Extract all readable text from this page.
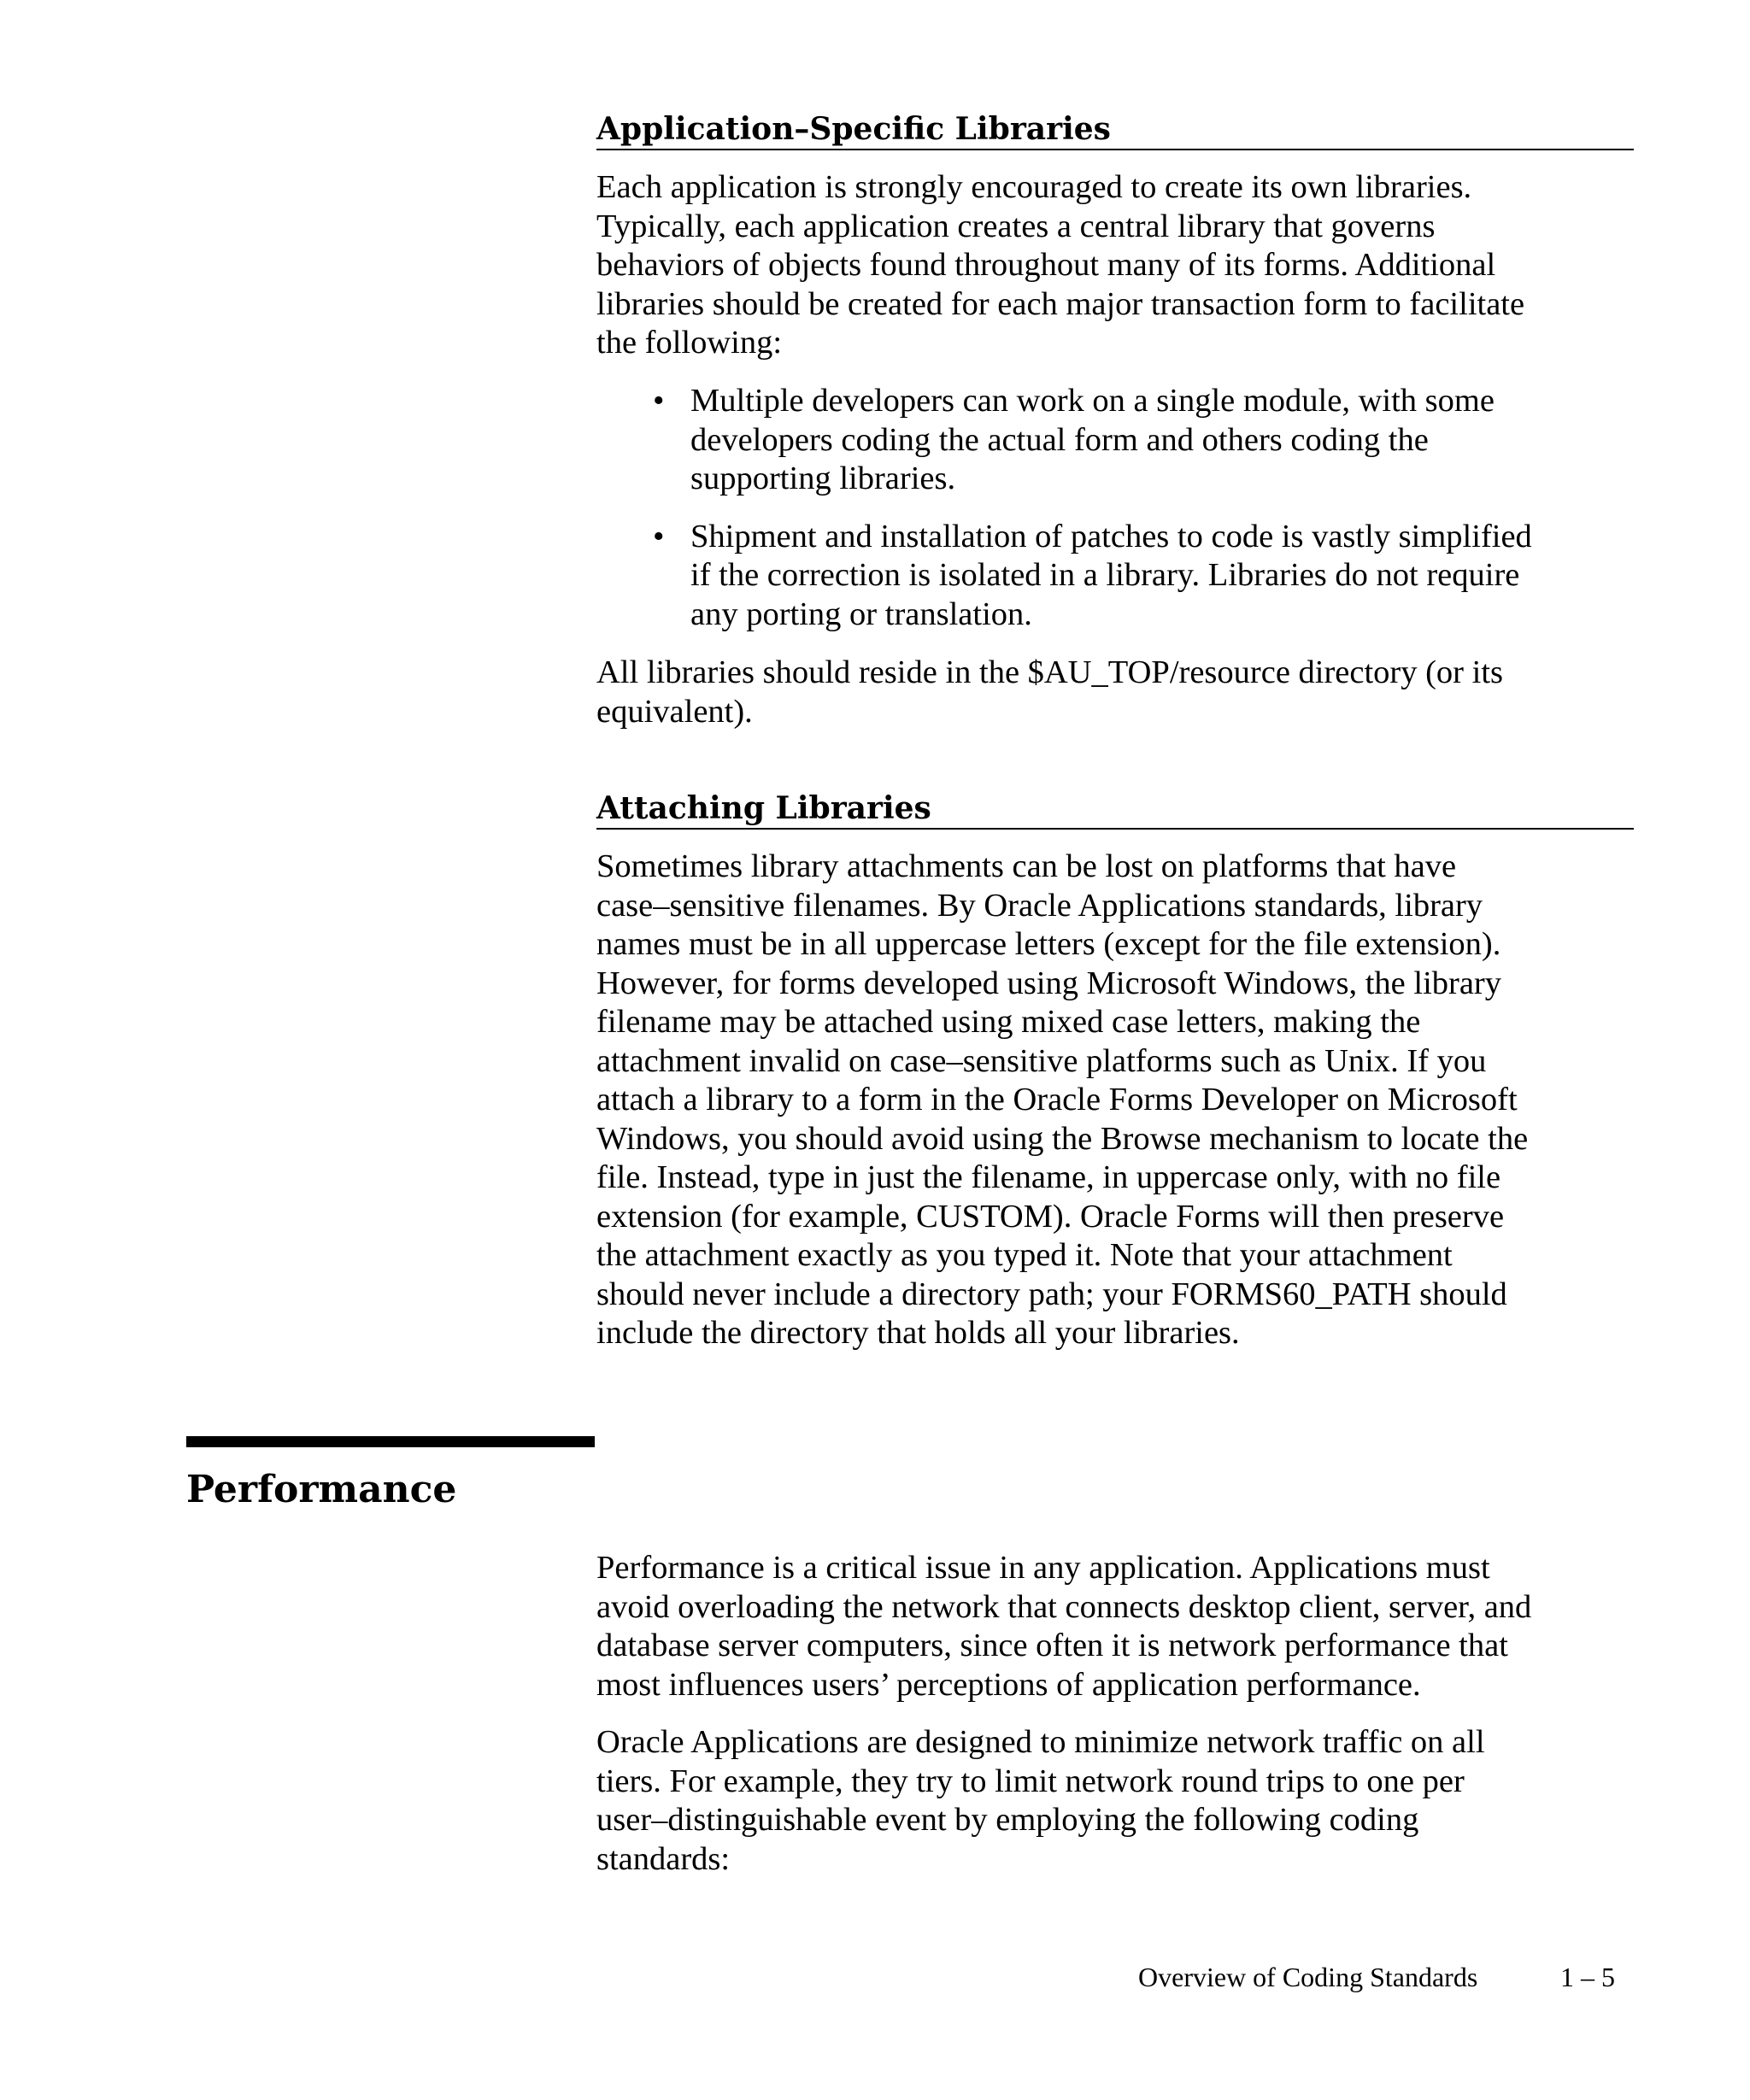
Application–Specific Libraries

Each application is strongly encouraged to create its own libraries.
Typically, each application creates a central library that governs
behaviors of objects found throughout many of its forms. Additional
libraries should be created for each major transaction form to facilitate
the following:

• Multiple developers can work on a single module, with some
developers coding the actual form and others coding the
supporting libraries.
• Shipment and installation of patches to code is vastly simplified
if the correction is isolated in a library. Libraries do not require
any porting or translation.

All libraries should reside in the $AU_TOP/resource directory (or its
equivalent).

Attaching Libraries

Sometimes library attachments can be lost on platforms that have
case–sensitive filenames. By Oracle Applications standards, library
names must be in all uppercase letters (except for the file extension).
However, for forms developed using Microsoft Windows, the library
filename may be attached using mixed case letters, making the
attachment invalid on case–sensitive platforms such as Unix. If you
attach a library to a form in the Oracle Forms Developer on Microsoft
Windows, you should avoid using the Browse mechanism to locate the
file. Instead, type in just the filename, in uppercase only, with no file
extension (for example, CUSTOM). Oracle Forms will then preserve
the attachment exactly as you typed it. Note that your attachment
should never include a directory path; your FORMS60_PATH should
include the directory that holds all your libraries.

Performance

Performance is a critical issue in any application. Applications must
avoid overloading the network that connects desktop client, server, and
database server computers, since often it is network performance that
most influences users’ perceptions of application performance.

Oracle Applications are designed to minimize network traffic on all
tiers. For example, they try to limit network round trips to one per
user–distinguishable event by employing the following coding
standards:

Overview of Coding Standards	1 – 5
